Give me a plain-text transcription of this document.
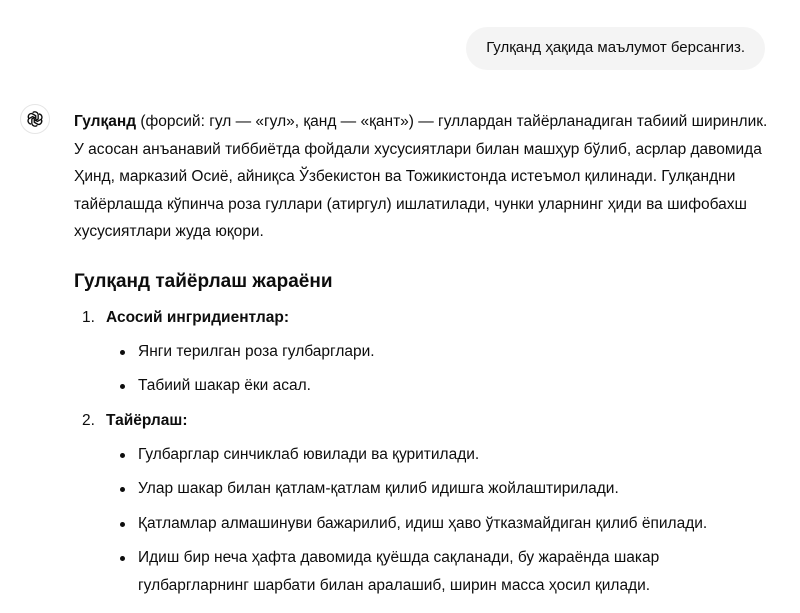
Гулқанд ҳақида маълумот берсангиз.

Гулқанд (форсий: гул — «гул», қанд — «қант») — гуллардан тайёрланадиган табиий ширинлик. У асосан анъанавий тиббиётда фойдали хусусиятлари билан машҳур бўлиб, асрлар давомида Ҳинд, марказий Осиё, айниқса Ўзбекистон ва Тожикистонда истеъмол қилинади. Гулқандни тайёрлашда кўпинча роза гуллари (атиргул) ишлатилади, чунки уларнинг ҳиди ва шифобахш хусусиятлари жуда юқори.

Гулқанд тайёрлаш жараёни
1. Асосий ингридиентлар:
Янги терилган роза гулбарглари.
Табиий шакар ёки асал.
2. Тайёрлаш:
Гулбарглар синчиклаб ювилади ва қуритилади.
Улар шакар билан қатлам-қатлам қилиб идишга жойлаштирилади.
Қатламлар алмашинуви бажарилиб, идиш ҳаво ўтказмайдиган қилиб ёпилади.
Идиш бир неча ҳафта давомида қуёшда сақланади, бу жараёнда шакар гулбаргларнинг шарбати билан аралашиб, ширин масса ҳосил қилади.
